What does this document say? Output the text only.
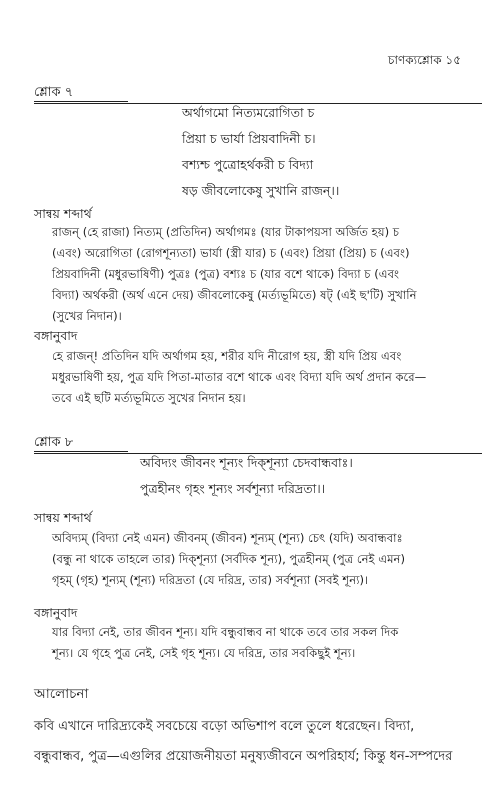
চাণক্যশ্লোক ১৫
শ্লোক ৭
অর্থাগমো নিত্যমরোগিতা চ
প্রিয়া চ ভার্যা প্রিয়বাদিনী চ।
বশ্যশ্চ পুত্রোহর্থকরী চ বিদ্যা
ষড় জীবলোকেষু সুখানি রাজন্।।
সান্বয় শব্দার্থ
রাজন্ (হে রাজা) নিত্যম্ (প্রতিদিন) অর্থাগমঃ (যার টাকাপয়সা অর্জিত হয়) চ
(এবং) অরোগিতা (রোগশূন্যতা) ভার্যা (স্ত্রী যার) চ (এবং) প্রিয়া (প্রিয়) চ (এবং)
প্রিয়বাদিনী (মধুরভাষিণী) পুত্রঃ (পুত্র) বশ্যঃ চ (যার বশে থাকে) বিদ্যা চ (এবং
বিদ্যা) অর্থকরী (অর্থ এনে দেয়) জীবলোকেষু (মর্ত্যভূমিতে) ষট্ (এই ছ'টি) সুখানি
(সুখের নিদান)।
বঙ্গানুবাদ
হে রাজন্! প্রতিদিন যদি অর্থাগম হয়, শরীর যদি নীরোগ হয়, স্ত্রী যদি প্রিয় এবং
মধুরভাষিণী হয়, পুত্র যদি পিতা-মাতার বশে থাকে এবং বিদ্যা যদি অর্থ প্রদান করে—
তবে এই ছটি মর্ত্যভূমিতে সুখের নিদান হয়।
শ্লোক ৮
অবিদ্যং জীবনং শূন্যং দিক্‌শূন্যা চেদবান্ধবাঃ।
পুত্রহীনং গৃহং শূন্যং সর্বশূন্যা দরিদ্রতা।।
সান্বয় শব্দার্থ
অবিদ্যম্ (বিদ্যা নেই এমন) জীবনম্ (জীবন) শূন্যম্ (শূন্য) চেৎ (যদি) অবান্ধবাঃ
(বন্ধু না থাকে তাহলে তার) দিক্‌শূন্যা (সর্বদিক শূন্য), পুত্রহীনম্ (পুত্র নেই এমন)
গৃহম্ (গৃহ) শূন্যম্ (শূন্য) দরিদ্রতা (যে দরিদ্র, তার) সর্বশূন্যা (সবই শূন্য)।
বঙ্গানুবাদ
যার বিদ্যা নেই, তার জীবন শূন্য। যদি বন্ধুবান্ধব না থাকে তবে তার সকল দিক
শূন্য। যে গৃহে পুত্র নেই, সেই গৃহ শূন্য। যে দরিদ্র, তার সবকিছুই শূন্য।
আলোচনা
কবি এখানে দারিদ্র্যকেই সবচেয়ে বড়ো অভিশাপ বলে তুলে ধরেছেন। বিদ্যা,
বন্ধুবান্ধব, পুত্র—এগুলির প্রয়োজনীয়তা মনুষ্যজীবনে অপরিহার্য; কিন্তু ধন-সম্পদের
